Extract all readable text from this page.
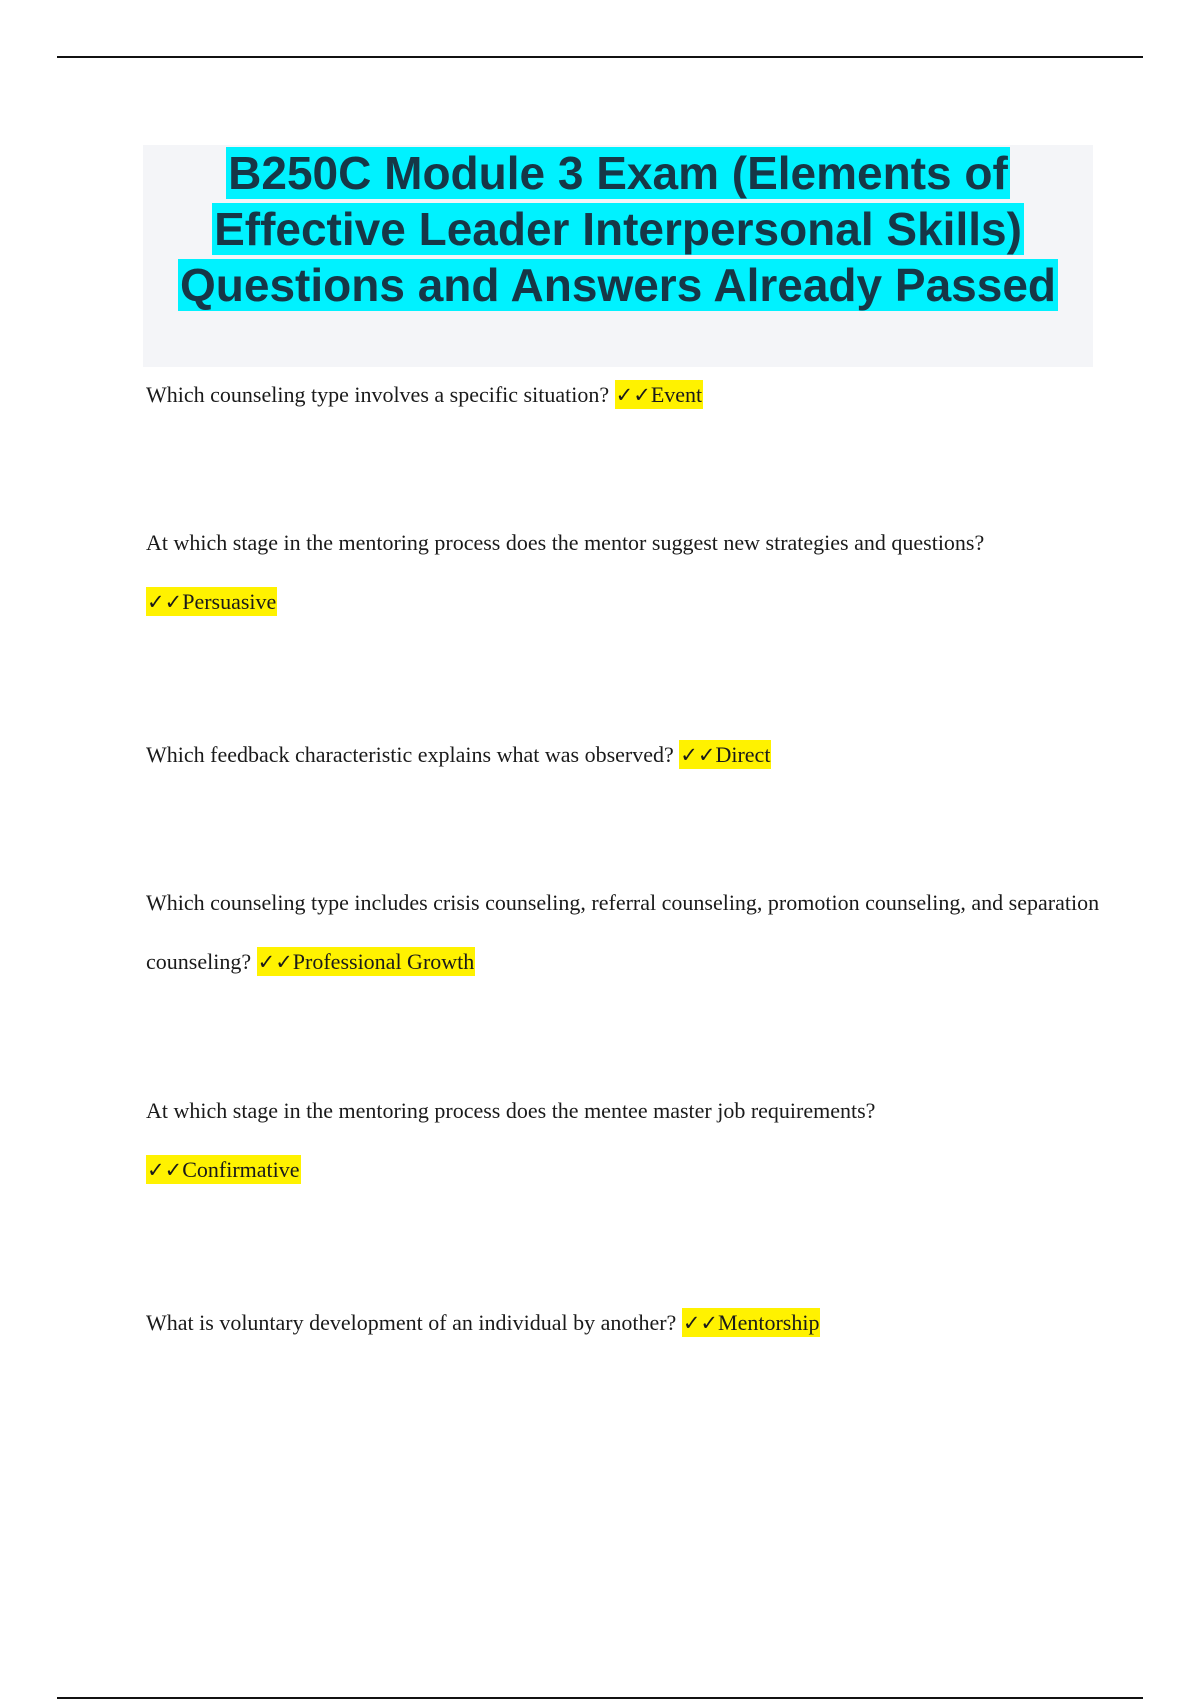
B250C Module 3 Exam (Elements of Effective Leader Interpersonal Skills) Questions and Answers Already Passed

Which counseling type involves a specific situation? ✓✓Event

At which stage in the mentoring process does the mentor suggest new strategies and questions?
✓✓Persuasive

Which feedback characteristic explains what was observed? ✓✓Direct

Which counseling type includes crisis counseling, referral counseling, promotion counseling, and separation counseling? ✓✓Professional Growth

At which stage in the mentoring process does the mentee master job requirements?
✓✓Confirmative

What is voluntary development of an individual by another? ✓✓Mentorship
